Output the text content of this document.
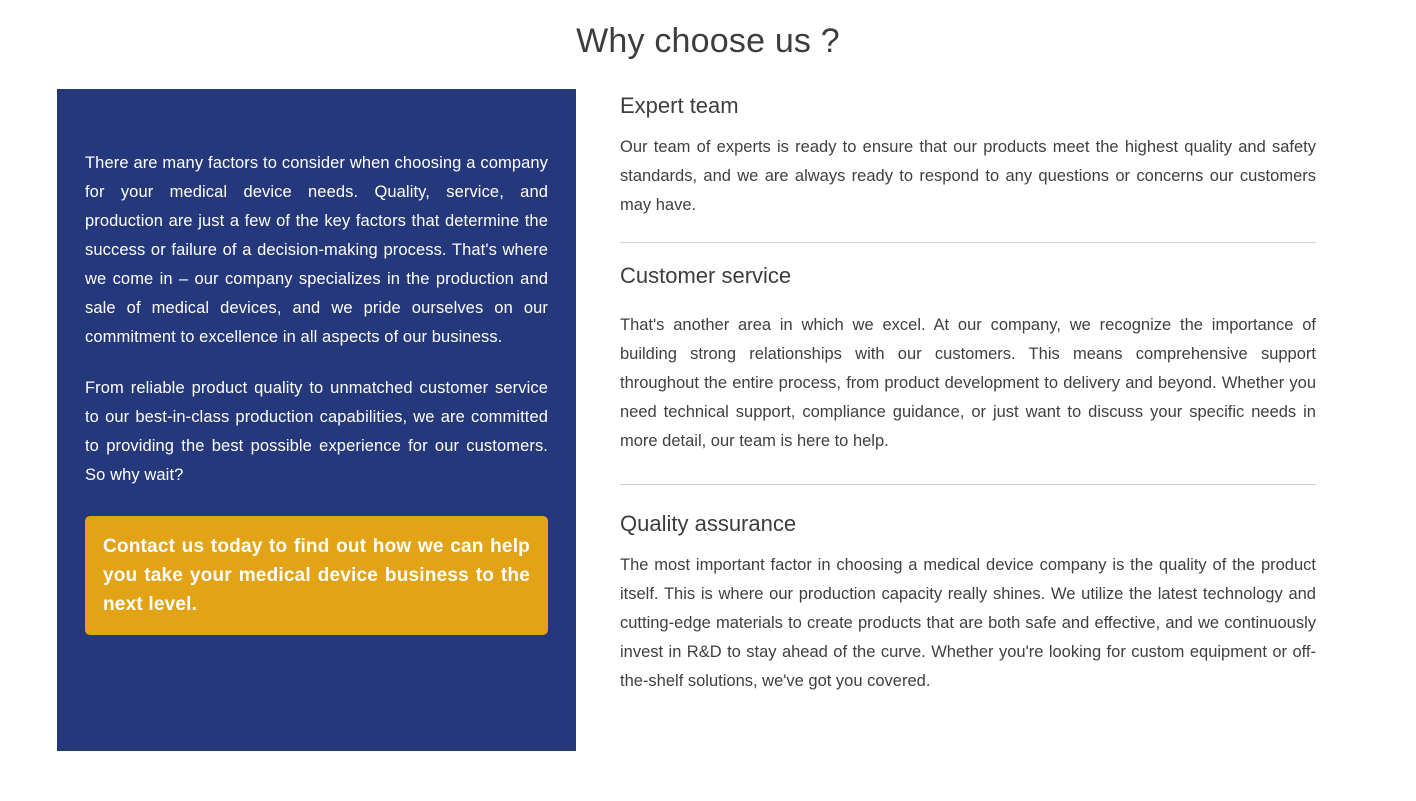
Why choose us ?

There are many factors to consider when choosing a company for your medical device needs. Quality, service, and production are just a few of the key factors that determine the success or failure of a decision-making process. That's where we come in – our company specializes in the production and sale of medical devices, and we pride ourselves on our commitment to excellence in all aspects of our business.

From reliable product quality to unmatched customer service to our best-in-class production capabilities, we are committed to providing the best possible experience for our customers. So why wait?

Contact us today to find out how we can help you take your medical device business to the next level.
Expert team

Our team of experts is ready to ensure that our products meet the highest quality and safety standards, and we are always ready to respond to any questions or concerns our customers may have.

Customer service

That's another area in which we excel. At our company, we recognize the importance of building strong relationships with our customers. This means comprehensive support throughout the entire process, from product development to delivery and beyond. Whether you need technical support, compliance guidance, or just want to discuss your specific needs in more detail, our team is here to help.

Quality assurance

The most important factor in choosing a medical device company is the quality of the product itself. This is where our production capacity really shines. We utilize the latest technology and cutting-edge materials to create products that are both safe and effective, and we continuously invest in R&D to stay ahead of the curve. Whether you're looking for custom equipment or off-the-shelf solutions, we've got you covered.
